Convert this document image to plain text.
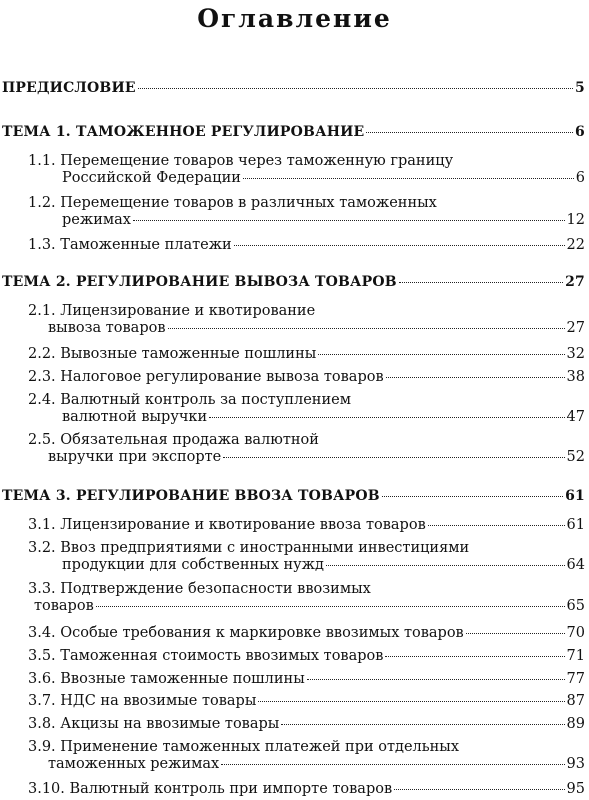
Оглавление
ПРЕДИСЛОВИЕ	5
ТЕМА 1. ТАМОЖЕННОЕ РЕГУЛИРОВАНИЕ	6
1.1. Перемещение товаров через таможенную границу
Российской Федерации	6
1.2. Перемещение товаров в различных таможенных
режимах	12
1.3. Таможенные платежи	22
ТЕМА 2. РЕГУЛИРОВАНИЕ ВЫВОЗА ТОВАРОВ	27
2.1. Лицензирование и квотирование
вывоза товаров	27
2.2. Вывозные таможенные пошлины	32
2.3. Налоговое регулирование вывоза товаров	38
2.4. Валютный контроль за поступлением
валютной выручки	47
2.5. Обязательная продажа валютной
выручки при экспорте	52
ТЕМА 3. РЕГУЛИРОВАНИЕ ВВОЗА ТОВАРОВ	61
3.1. Лицензирование и квотирование ввоза товаров	61
3.2. Ввоз предприятиями с иностранными инвестициями
продукции для собственных нужд	64
3.3. Подтверждение безопасности ввозимых
товаров	65
3.4. Особые требования к маркировке ввозимых товаров	70
3.5. Таможенная стоимость ввозимых товаров	71
3.6. Ввозные таможенные пошлины	77
3.7. НДС на ввозимые товары	87
3.8. Акцизы на ввозимые товары	89
3.9. Применение таможенных платежей при отдельных
таможенных режимах	93
3.10. Валютный контроль при импорте товаров	95
